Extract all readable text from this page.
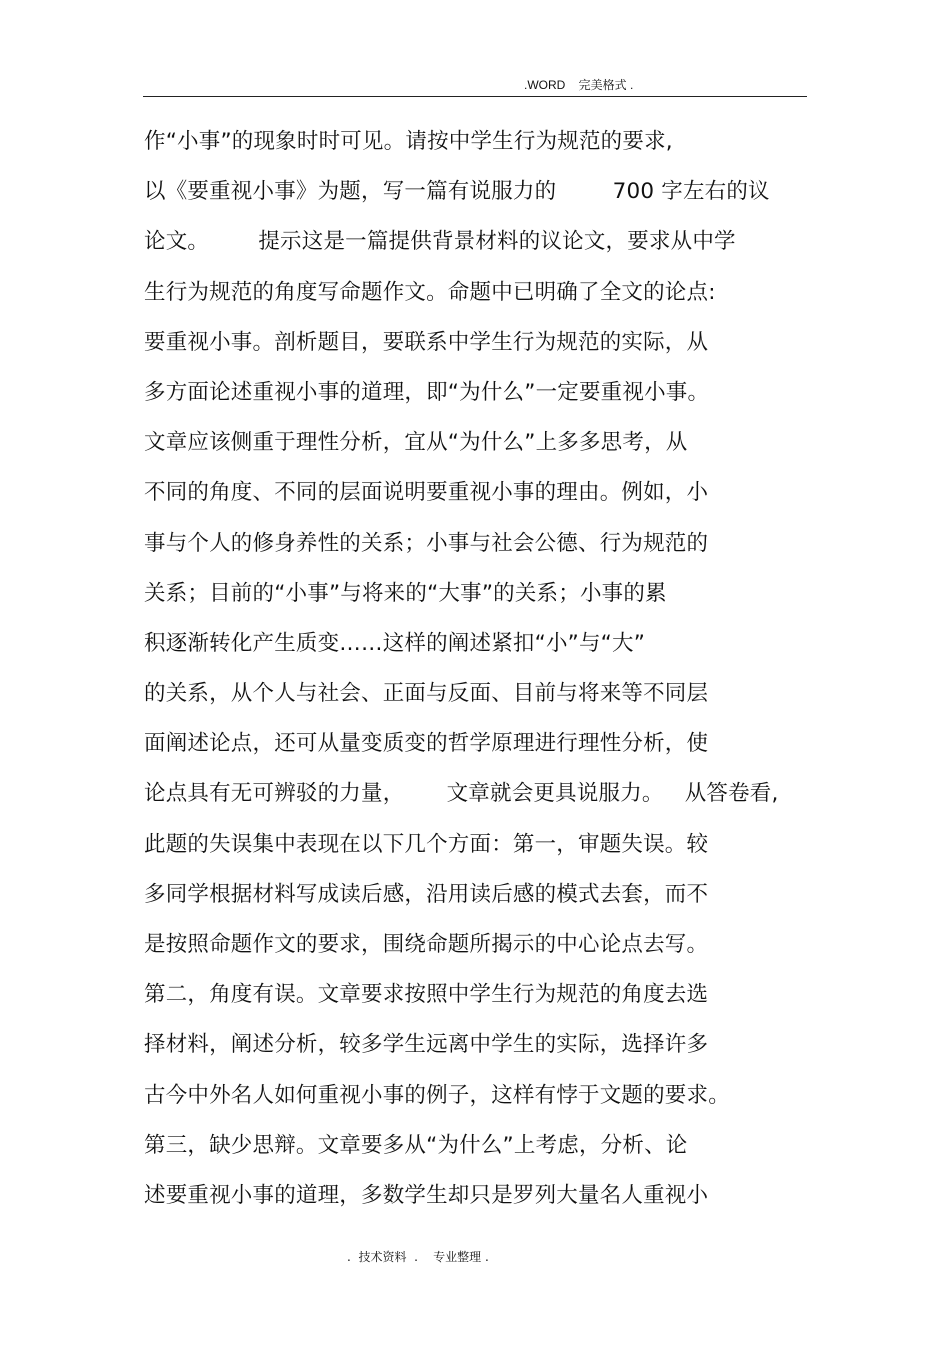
.WORD    完美格式 .
作“小事”的现象时时可见。请按中学生行为规范的要求,
以《要重视小事》为题，写一篇有说服力的        700 字左右的议
论文。       提示这是一篇提供背景材料的议论文，要求从中学
生行为规范的角度写命题作文。命题中已明确了全文的论点:
要重视小事。剖析题目，要联系中学生行为规范的实际，从
多方面论述重视小事的道理，即“为什么”一定要重视小事。
文章应该侧重于理性分析，宜从“为什么”上多多思考，从
不同的角度、不同的层面说明要重视小事的理由。例如，小
事与个人的修身养性的关系；小事与社会公德、行为规范的
关系；目前的“小事”与将来的“大事”的关系；小事的累
积逐渐转化产生质变……这样的阐述紧扣“小”与“大”
的关系，从个人与社会、正面与反面、目前与将来等不同层
面阐述论点，还可从量变质变的哲学原理进行理性分析，使
论点具有无可辨驳的力量，      文章就会更具说服力。   从答卷看,
此题的失误集中表现在以下几个方面：第一，审题失误。较
多同学根据材料写成读后感，沿用读后感的模式去套，而不
是按照命题作文的要求，围绕命题所揭示的中心论点去写。
第二，角度有误。文章要求按照中学生行为规范的角度去选
择材料，阐述分析，较多学生远离中学生的实际，选择许多
古今中外名人如何重视小事的例子，这样有悖于文题的要求。
第三，缺少思辩。文章要多从“为什么”上考虑，分析、论
述要重视小事的道理，多数学生却只是罗列大量名人重视小
.  技术资料  .    专业整理 .
